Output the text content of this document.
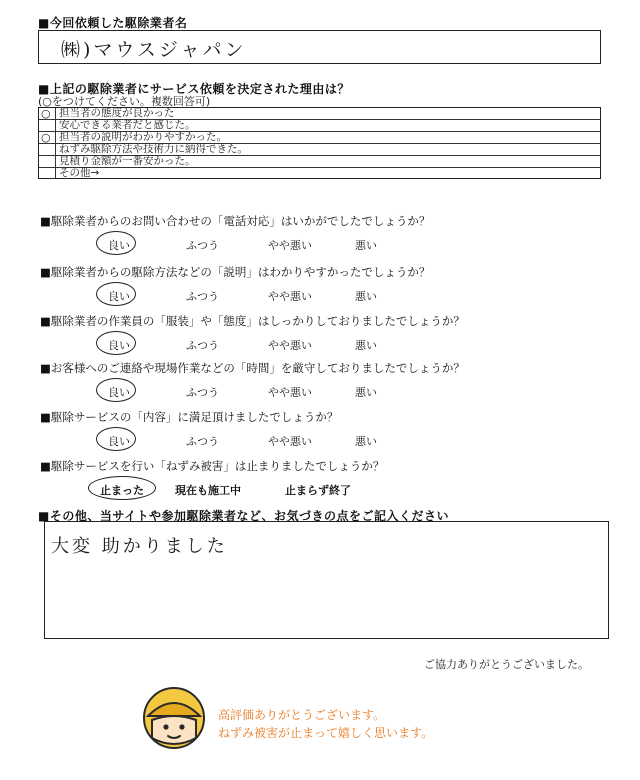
■今回依頼した駆除業者名
㈱)マウスジャパン
■上記の駆除業者にサービス依頼を決定された理由は？
(○をつけてください。複数回答可)
○ 担当者の態度が良かった
安心できる業者だと感じた。
○ 担当者の説明がわかりやすかった。
ねずみ駆除方法や技術力に納得できた。
見積り金額が一番安かった。
その他→
■駆除業者からのお問い合わせの「電話対応」はいかがでしたでしょうか？
良い	ふつう	やや悪い	悪い
■駆除業者からの駆除方法などの「説明」はわかりやすかったでしょうか？
良い	ふつう	やや悪い	悪い
■駆除業者の作業員の「服装」や「態度」はしっかりしておりましたでしょうか？
良い	ふつう	やや悪い	悪い
■お客様へのご連絡や現場作業などの「時間」を厳守しておりましたでしょうか？
良い	ふつう	やや悪い	悪い
■駆除サービスの「内容」に満足頂けましたでしょうか？
良い	ふつう	やや悪い	悪い
■駆除サービスを行い「ねずみ被害」は止まりましたでしょうか？
止まった	現在も施工中	止まらず終了
■その他、当サイトや参加駆除業者など、お気づきの点をご記入ください
大変 助かりました
ご協力ありがとうございました。
高評価ありがとうございます。
ねずみ被害が止まって嬉しく思います。
